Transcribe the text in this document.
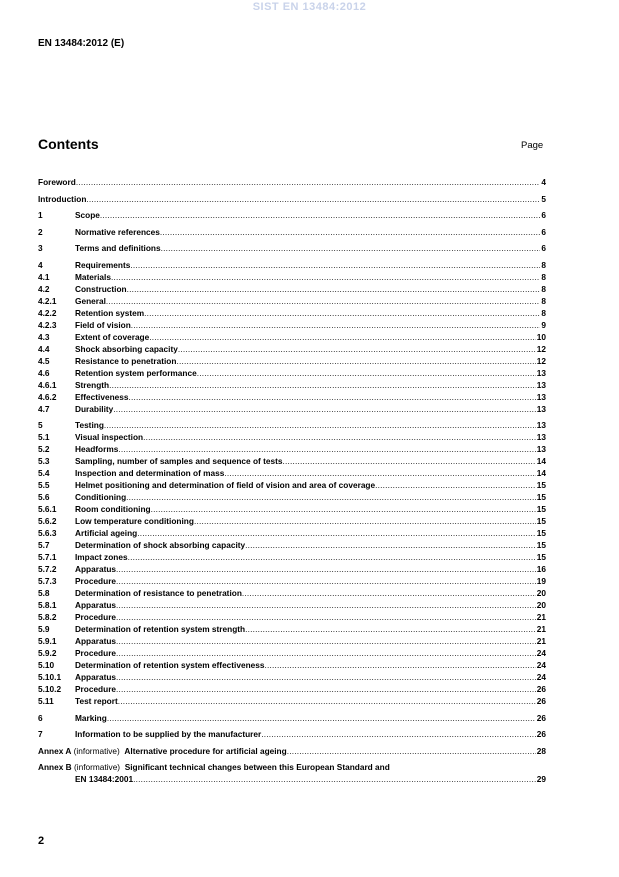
SIST EN 13484:2012
EN 13484:2012 (E)
Contents	Page
Foreword .....	4
Introduction .....	5
1	Scope .....	6
2	Normative references .....	6
3	Terms and definitions .....	6
4	Requirements .....	8
4.1	Materials .....	8
4.2	Construction .....	8
4.2.1 General .....	8
4.2.2 Retention system .....	8
4.2.3 Field of vision .....	9
4.3	Extent of coverage .....	10
4.4	Shock absorbing capacity .....	12
4.5	Resistance to penetration .....	12
4.6	Retention system performance .....	13
4.6.1 Strength .....	13
4.6.2 Effectiveness .....	13
4.7	Durability .....	13
5	Testing .....	13
5.1	Visual inspection .....	13
5.2	Headforms .....	13
5.3	Sampling, number of samples and sequence of tests .....	14
5.4	Inspection and determination of mass .....	14
5.5	Helmet positioning and determination of field of vision and area of coverage .....	15
5.6	Conditioning .....	15
5.6.1 Room conditioning .....	15
5.6.2 Low temperature conditioning .....	15
5.6.3 Artificial ageing .....	15
5.7	Determination of shock absorbing capacity .....	15
5.7.1 Impact zones .....	15
5.7.2 Apparatus .....	16
5.7.3 Procedure .....	19
5.8	Determination of resistance to penetration .....	20
5.8.1 Apparatus .....	20
5.8.2 Procedure .....	21
5.9	Determination of retention system strength .....	21
5.9.1 Apparatus .....	21
5.9.2 Procedure .....	24
5.10	Determination of retention system effectiveness .....	24
5.10.1 Apparatus .....	24
5.10.2 Procedure .....	26
5.11	Test report .....	26
6	Marking .....	26
7	Information to be supplied by the manufacturer .....	26
Annex A
(informative)
Alternative procedure for artificial ageing .....	28
Annex B
(informative)
Significant technical changes between this European Standard and
EN 13484:2001 .....	29
2
